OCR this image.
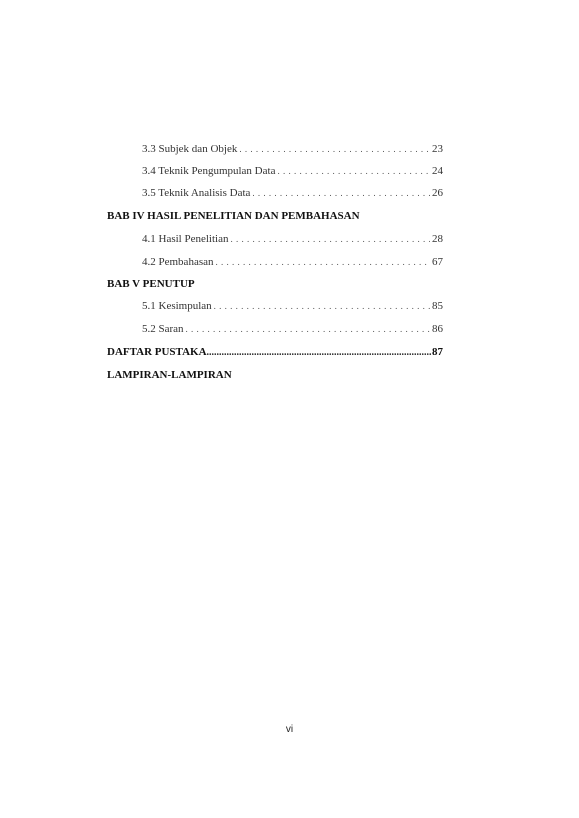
3.3 Subjek dan Objek . . .	23
3.4 Teknik Pengumpulan Data . . .	24
3.5 Teknik Analisis Data . . .	26
BAB IV HASIL PENELITIAN DAN PEMBAHASAN
4.1 Hasil Penelitian . . .	28
4.2 Pembahasan . . .	67
BAB V PENUTUP
5.1 Kesimpulan . . .	85
5.2 Saran . . .	86
DAFTAR PUSTAKA .....	87
LAMPIRAN-LAMPIRAN
vi
